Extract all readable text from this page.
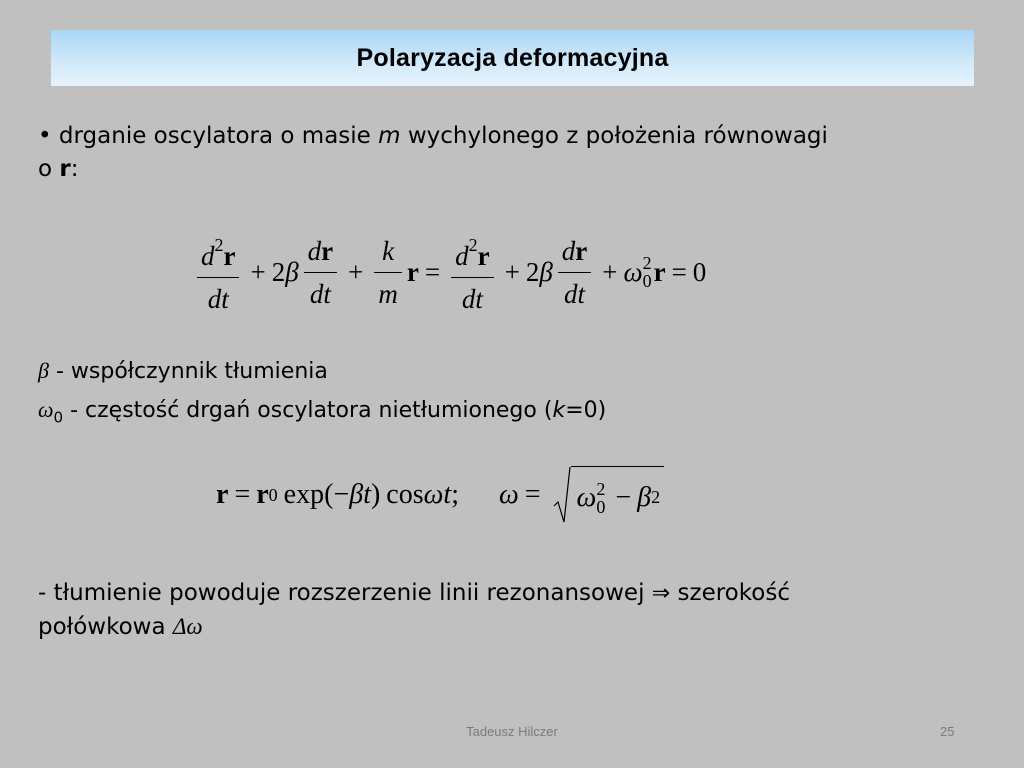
Polaryzacja deformacyjna
• drganie oscylatora o masie m wychylonego z położenia równowagi
o r:
$\frac{d^2r}{dt} + 2$ β $\frac{dr}{dt} + \frac{k}{m}$ $r = \frac{d^2r}{dt} + 2$ β $\frac{dr}{dt} + \omega$ 2
0 r = 0
β - współczynnik tłumienia
$\omega_0$ - częstość drgań oscylatora nietłumionego (k=0)
r = r 0 exp( − β t ) cos ω t ; ω = ω 2
0 − β 2
- tłumienie powoduje rozszerzenie linii rezonansowej ⇒ szerokość
połówkowa Δω
Tadeusz Hilczer	25
